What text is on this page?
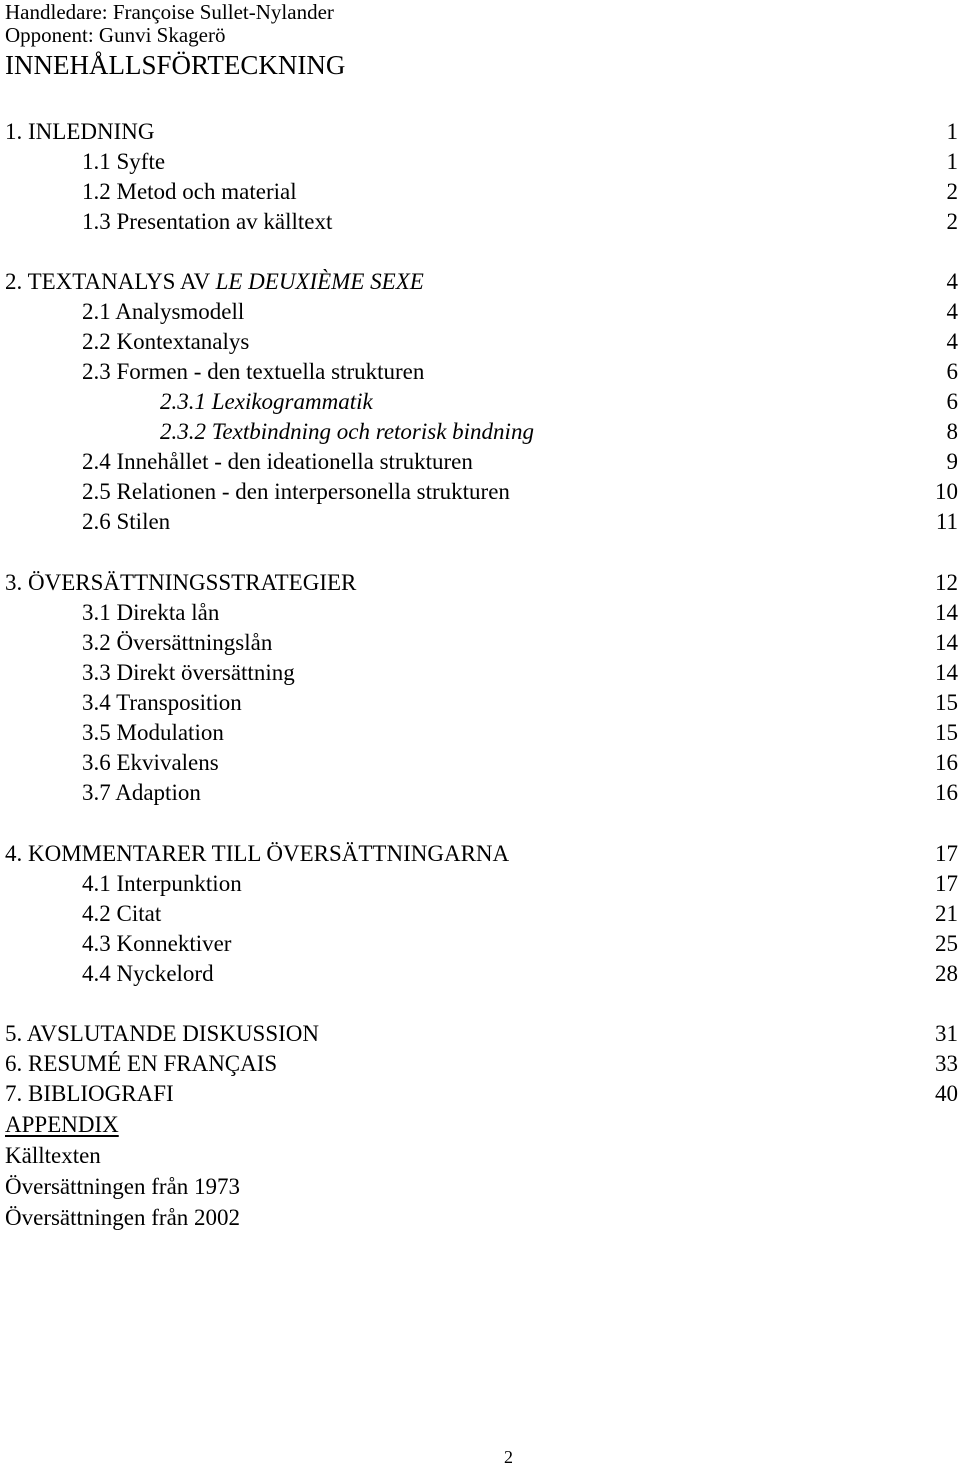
Handledare: Françoise Sullet-Nylander
Opponent: Gunvi Skagerö
INNEHÅLLSFÖRTECKNING
1. INLEDNING	1
1.1 Syfte	1
1.2 Metod och material	2
1.3 Presentation av källtext	2
2. TEXTANALYS AV LE DEUXIÈME SEXE	4
2.1 Analysmodell	4
2.2 Kontextanalys	4
2.3 Formen - den textuella strukturen	6
2.3.1 Lexikogrammatik	6
2.3.2 Textbindning och retorisk bindning	8
2.4 Innehållet - den ideationella strukturen	9
2.5 Relationen - den interpersonella strukturen	10
2.6 Stilen	11
3. ÖVERSÄTTNINGSSTRATEGIER	12
3.1 Direkta lån	14
3.2 Översättningslån	14
3.3 Direkt översättning	14
3.4 Transposition	15
3.5 Modulation	15
3.6 Ekvivalens	16
3.7 Adaption	16
4. KOMMENTARER TILL ÖVERSÄTTNINGARNA	17
4.1 Interpunktion	17
4.2 Citat	21
4.3 Konnektiver	25
4.4 Nyckelord	28
5. AVSLUTANDE DISKUSSION	31
6. RESUMÉ EN FRANÇAIS	33
7. BIBLIOGRAFI	40
APPENDIX
Källtexten
Översättningen från 1973
Översättningen från 2002
2
